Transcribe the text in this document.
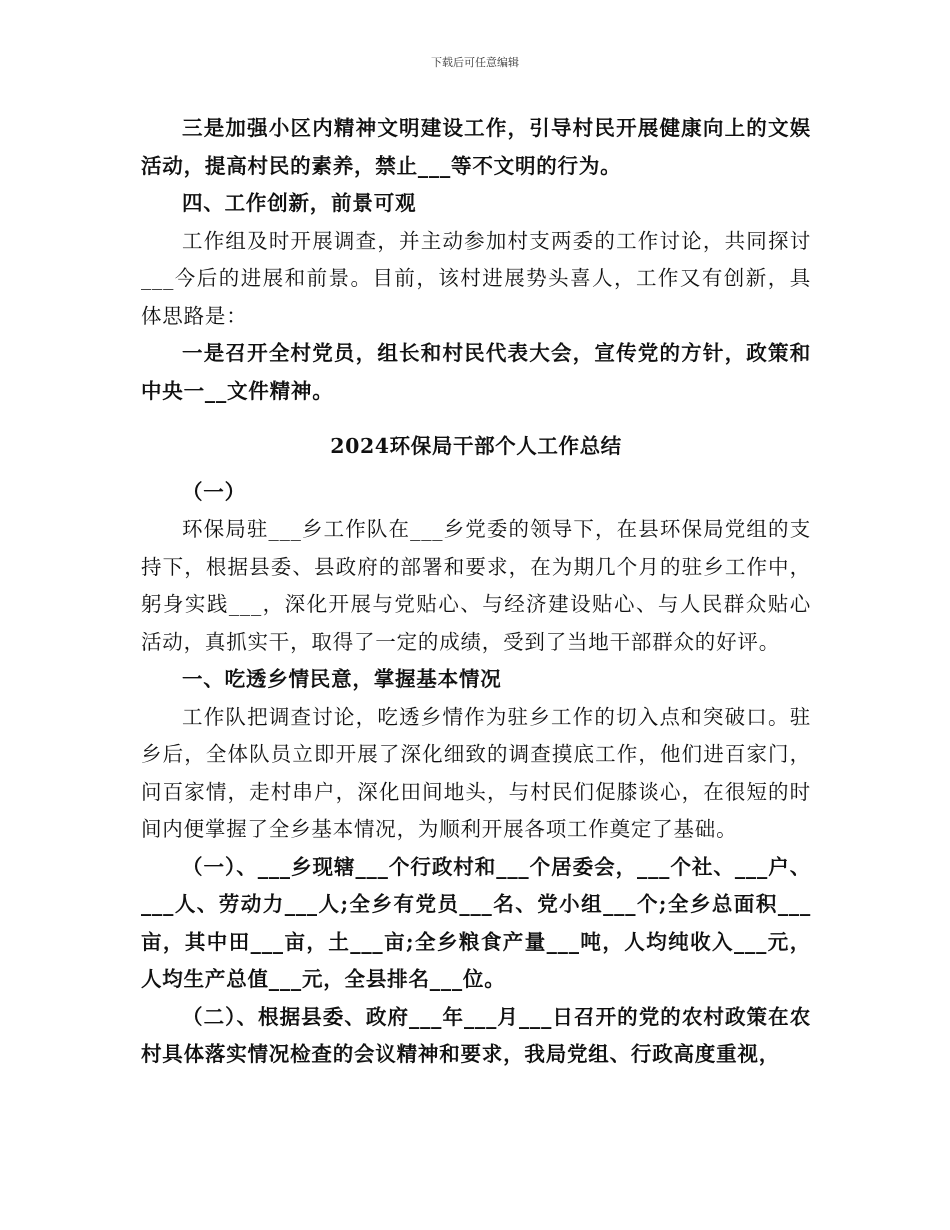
下载后可任意编辑

三是加强小区内精神文明建设工作，引导村民开展健康向上的文娱活动，提高村民的素养，禁止___等不文明的行为。

四、工作创新，前景可观

工作组及时开展调查，并主动参加村支两委的工作讨论，共同探讨___今后的进展和前景。目前，该村进展势头喜人，工作又有创新，具体思路是：

一是召开全村党员，组长和村民代表大会，宣传党的方针，政策和中央一__文件精神。

2024环保局干部个人工作总结

（一）

环保局驻___乡工作队在___乡党委的领导下，在县环保局党组的支持下，根据县委、县政府的部署和要求，在为期几个月的驻乡工作中，躬身实践___，深化开展与党贴心、与经济建设贴心、与人民群众贴心活动，真抓实干，取得了一定的成绩，受到了当地干部群众的好评。

一、吃透乡情民意，掌握基本情况

工作队把调查讨论，吃透乡情作为驻乡工作的切入点和突破口。驻乡后，全体队员立即开展了深化细致的调查摸底工作，他们进百家门，问百家情，走村串户，深化田间地头，与村民们促膝谈心，在很短的时间内便掌握了全乡基本情况，为顺利开展各项工作奠定了基础。

（一）、___乡现辖___个行政村和___个居委会，___个社、___户、___人、劳动力___人;全乡有党员___名、党小组___个;全乡总面积___亩，其中田___亩，土___亩;全乡粮食产量___吨，人均纯收入___元，人均生产总值___元，全县排名___位。

（二）、根据县委、政府___年___月___日召开的党的农村政策在农村具体落实情况检查的会议精神和要求，我局党组、行政高度重视，
